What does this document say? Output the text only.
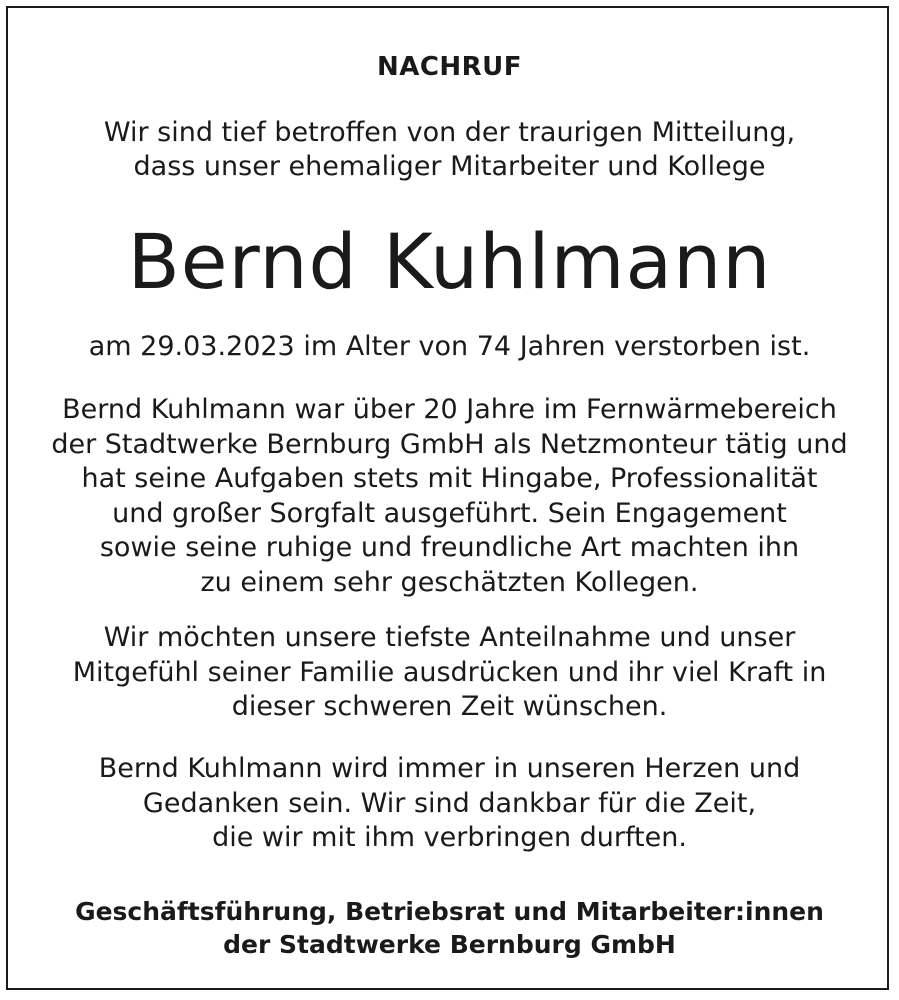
NACHRUF
Wir sind tief betroffen von der traurigen Mitteilung,
dass unser ehemaliger Mitarbeiter und Kollege
Bernd Kuhlmann
am 29.03.2023 im Alter von 74 Jahren verstorben ist.
Bernd Kuhlmann war über 20 Jahre im Fernwärmebereich
der Stadtwerke Bernburg GmbH als Netzmonteur tätig und
hat seine Aufgaben stets mit Hingabe, Professionalität
und großer Sorgfalt ausgeführt. Sein Engagement
sowie seine ruhige und freundliche Art machten ihn
zu einem sehr geschätzten Kollegen.
Wir möchten unsere tiefste Anteilnahme und unser
Mitgefühl seiner Familie ausdrücken und ihr viel Kraft in
dieser schweren Zeit wünschen.
Bernd Kuhlmann wird immer in unseren Herzen und
Gedanken sein. Wir sind dankbar für die Zeit,
die wir mit ihm verbringen durften.
Geschäftsführung, Betriebsrat und Mitarbeiter:innen
der Stadtwerke Bernburg GmbH
